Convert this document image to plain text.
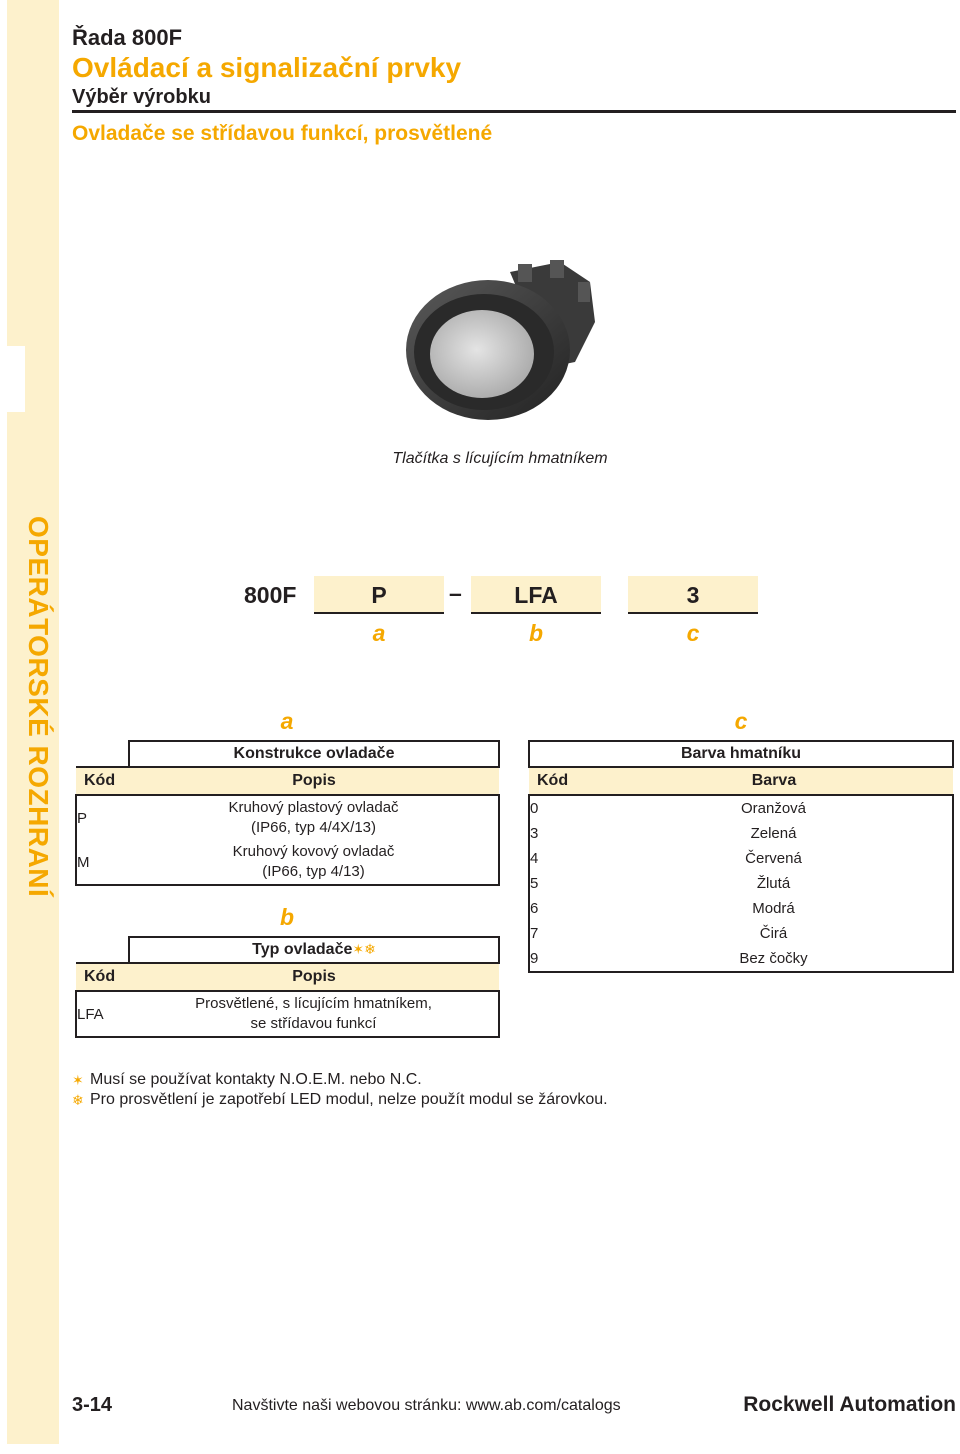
OPERÁTORSKÉ ROZHRANÍ
Řada 800F
Ovládací a signalizační prvky
Výběr výrobku
Ovladače se střídavou funkcí, prosvětlené
Tlačítka s lícujícím hmatníkem
800F	P	–	LFA	3
a	b	c
a
	Konstrukce ovladače
Kód	Popis
P	Kruhový plastový ovladač
(IP66, typ 4/4X/13)

M	Kruhový kovový ovladač
(IP66, typ 4/13)
b
	Typ ovladače✶❄
Kód	Popis
LFA	Prosvětlené, s lícujícím hmatníkem,
se střídavou funkcí
c
Barva hmatníku	
Kód	Barva
0	Oranžová
3	Zelená
4	Červená
5	Žlutá
6	Modrá
7	Čirá
9	Bez čočky
✶ Musí se používat kontakty N.O.E.M. nebo N.C.
❄ Pro prosvětlení je zapotřebí LED modul, nelze použít modul se žárovkou.
3-14	Navštivte naši webovou stránku: www.ab.com/catalogs	Rockwell Automation
